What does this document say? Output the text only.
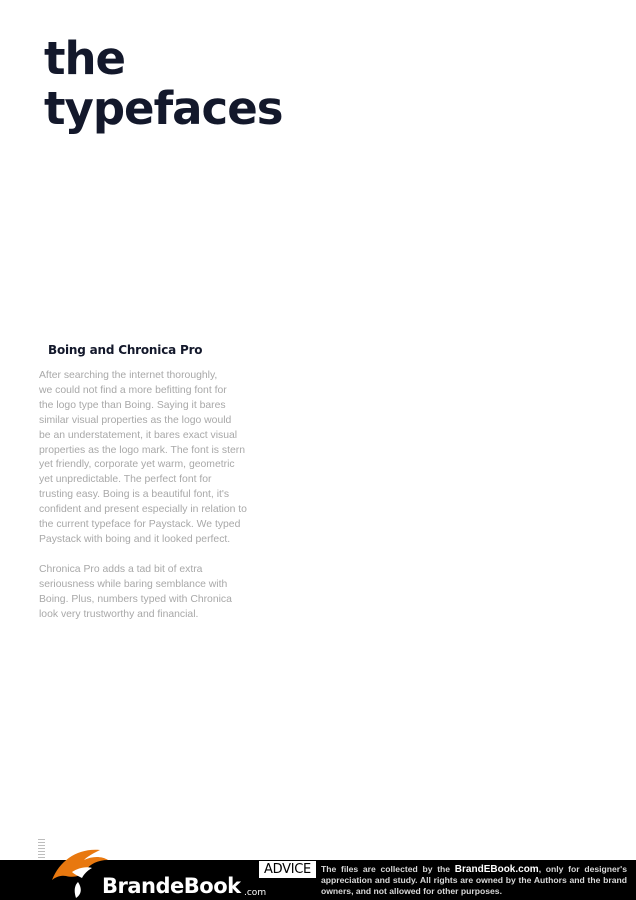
the
typefaces
Boing and Chronica Pro

After searching the internet thoroughly,
we could not find a more befitting font for
the logo type than Boing. Saying it bares
similar visual properties as the logo would
be an understatement, it bares exact visual
properties as the logo mark. The font is stern
yet friendly, corporate yet warm, geometric
yet unpredictable. The perfect font for
trusting easy. Boing is a beautiful font, it's
confident and present especially in relation to
the current typeface for Paystack. We typed
Paystack with boing and it looked perfect.

Chronica Pro adds a tad bit of extra
seriousness while baring semblance with
Boing. Plus, numbers typed with Chronica
look very trustworthy and financial.

BrandeBook .com
ADVICE	The files are collected by the BrandEBook.com, only for designer's appreciation and study. All rights are owned by the Authors and the brand owners, and not allowed for other purposes.
